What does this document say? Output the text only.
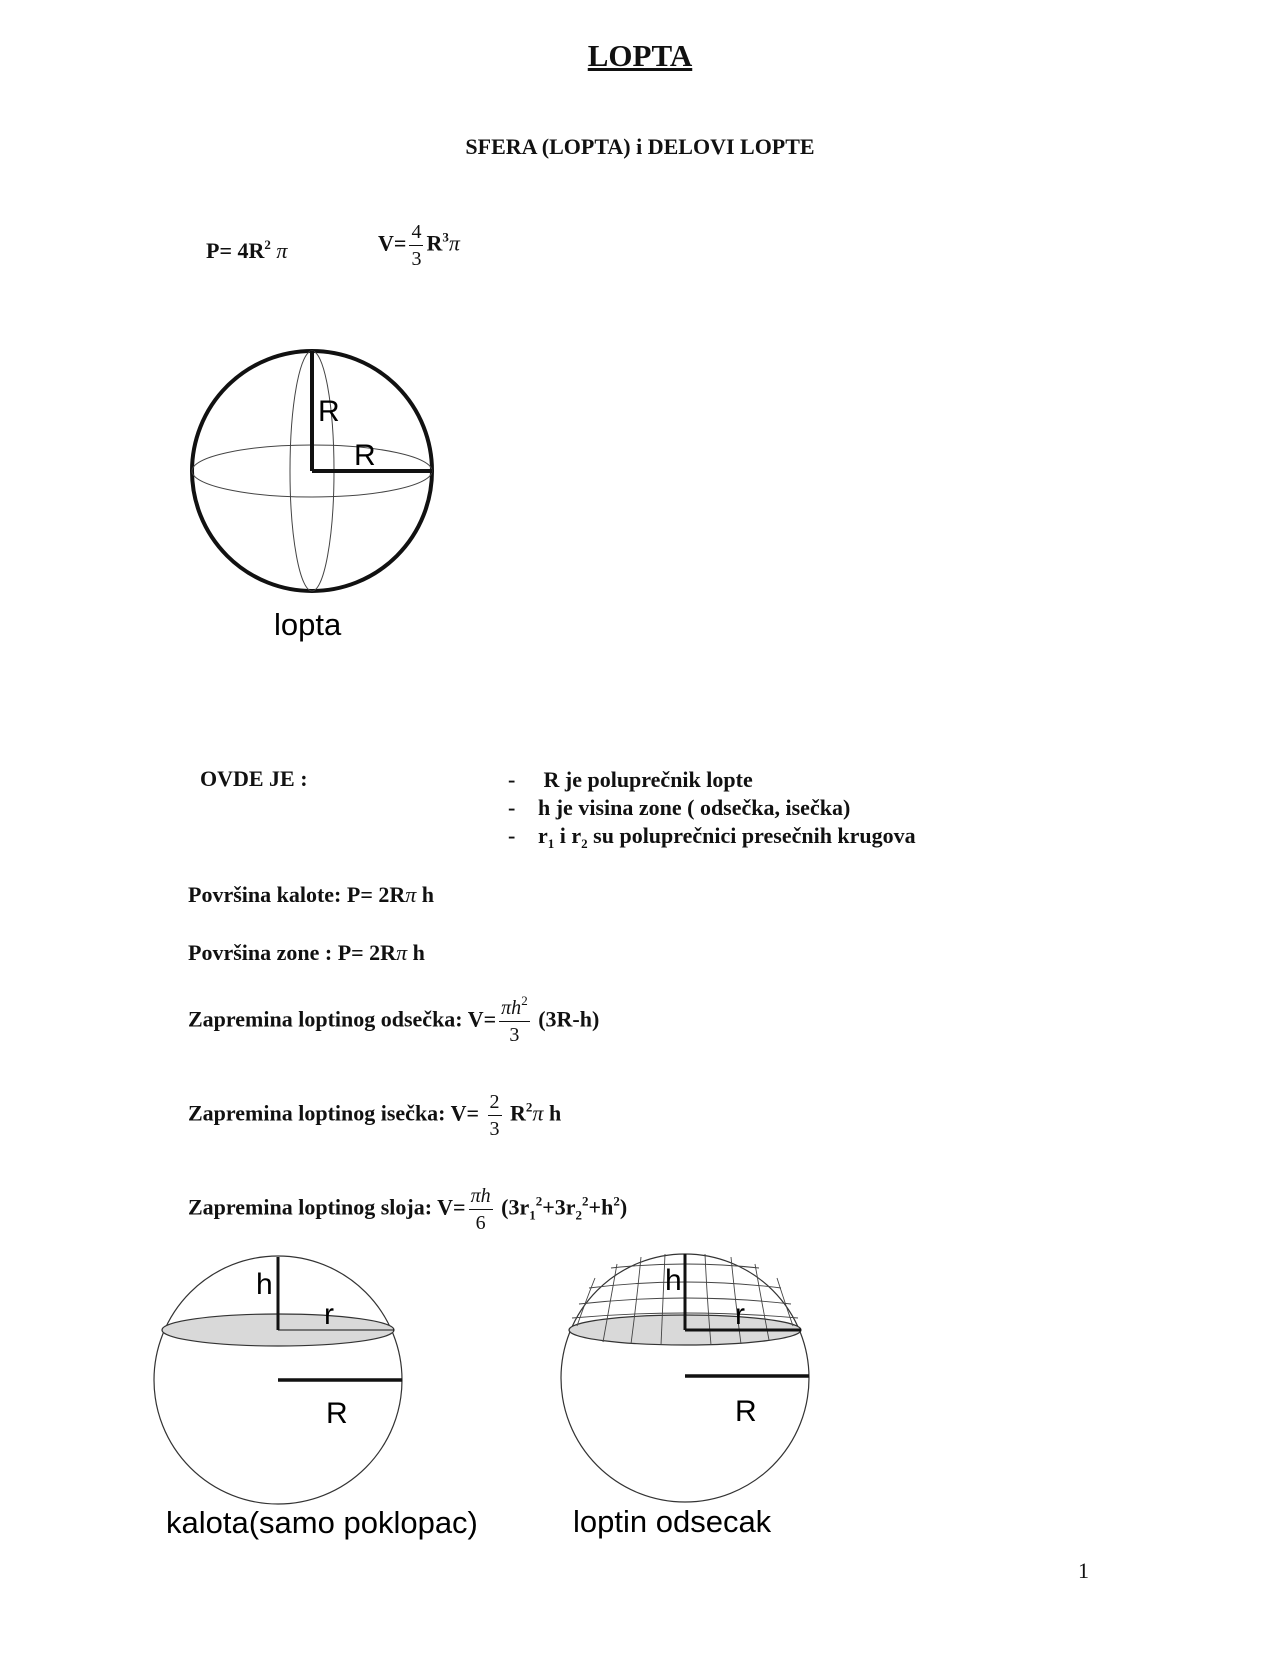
LOPTA
SFERA (LOPTA) i DELOVI LOPTE
$P= 4R^2$ π	$V= \frac{4}{3} R^3\pi$
R
R
lopta
OVDE JE :	- R je poluprečnik lopte
- h je visina zone ( odsečka, isečka)
- $r_1$ i $r_2$ su poluprečnici presečnih krugova
Površina kalote: P= 2Rπ h
Površina zone : P= 2Rπ h
Zapremina loptinog odsečka: $V= \frac{\pi h^2}{3} (3R-h)$
Zapremina loptinog isečka: $V= \frac{2}{3} R^2\pi$ h
Zapremina loptinog sloja: $V= \frac{\pi h}{6} (3r_1^2+3r_2^2+h^2)$
h
r
R
kalota(samo poklopac)
h
r
R
loptin odsecak
1
